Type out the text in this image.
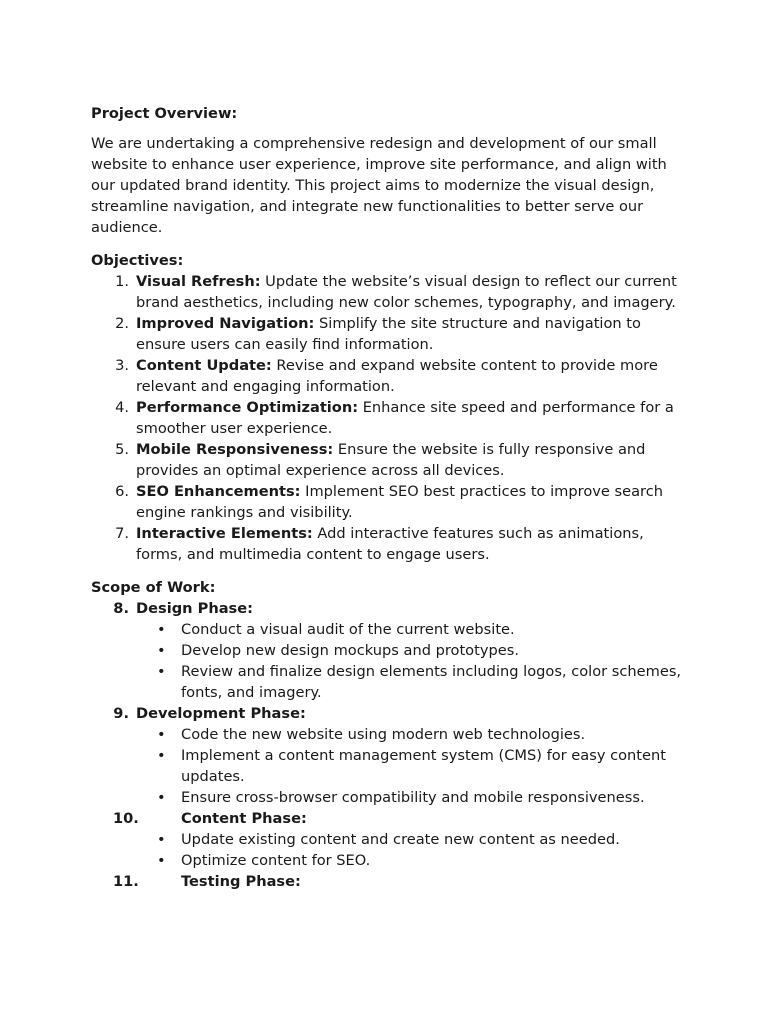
Project Overview:
We are undertaking a comprehensive redesign and development of our small website to enhance user experience, improve site performance, and align with our updated brand identity. This project aims to modernize the visual design, streamline navigation, and integrate new functionalities to better serve our audience.
Objectives:
1. Visual Refresh: Update the website’s visual design to reflect our current brand aesthetics, including new color schemes, typography, and imagery.
2. Improved Navigation: Simplify the site structure and navigation to ensure users can easily find information.
3. Content Update: Revise and expand website content to provide more relevant and engaging information.
4. Performance Optimization: Enhance site speed and performance for a smoother user experience.
5. Mobile Responsiveness: Ensure the website is fully responsive and provides an optimal experience across all devices.
6. SEO Enhancements: Implement SEO best practices to improve search engine rankings and visibility.
7. Interactive Elements: Add interactive features such as animations, forms, and multimedia content to engage users.
Scope of Work:
8. Design Phase:
• Conduct a visual audit of the current website.
• Develop new design mockups and prototypes.
• Review and finalize design elements including logos, color schemes, fonts, and imagery.
9. Development Phase:
• Code the new website using modern web technologies.
• Implement a content management system (CMS) for easy content updates.
• Ensure cross-browser compatibility and mobile responsiveness.
10.	Content Phase:
• Update existing content and create new content as needed.
• Optimize content for SEO.
11.	Testing Phase:
